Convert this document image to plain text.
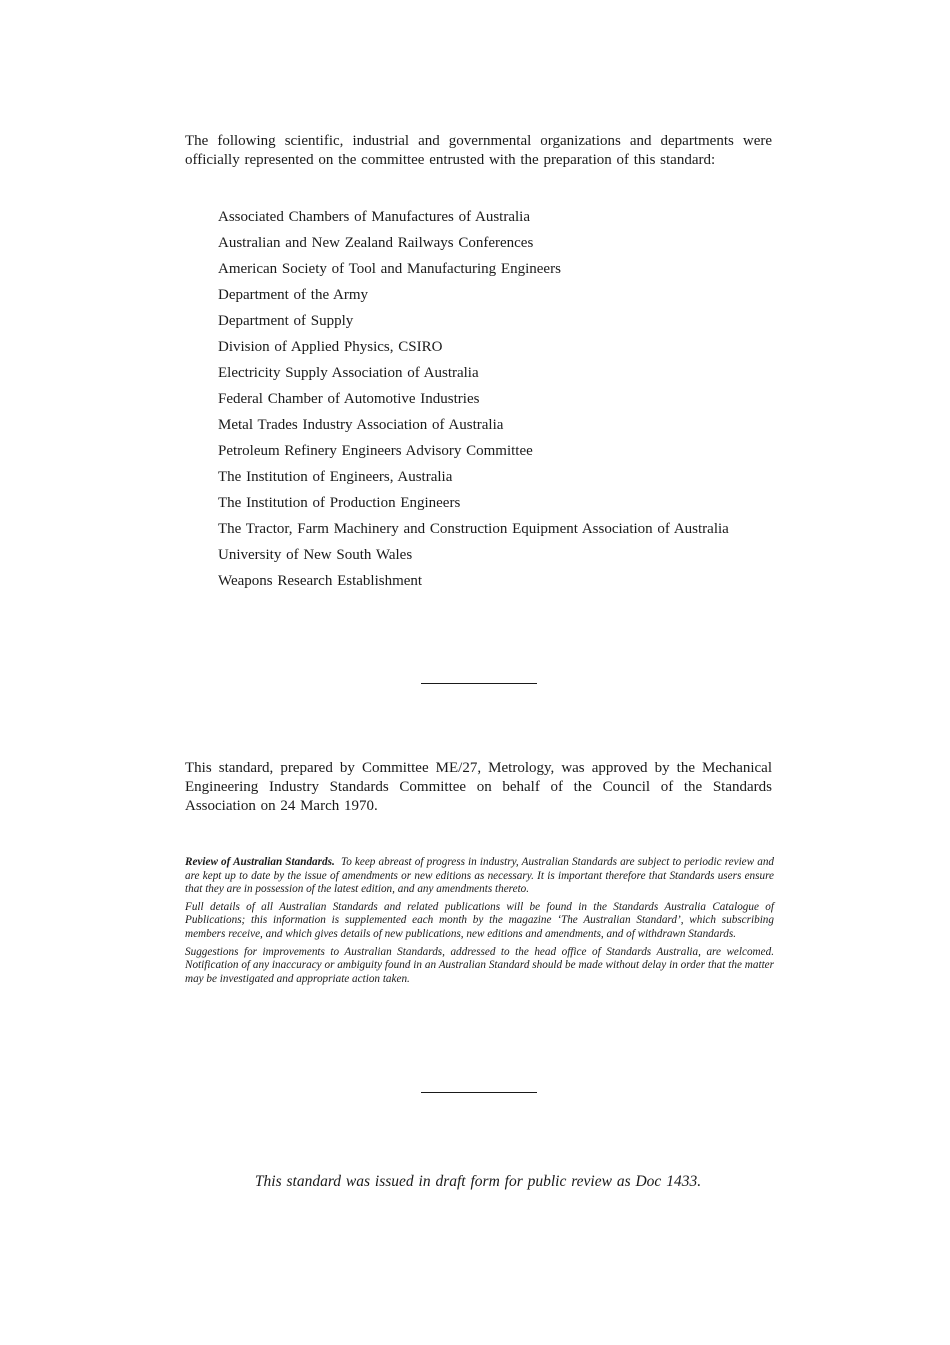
The following scientific, industrial and governmental organizations and departments were officially represented on the committee entrusted with the preparation of this standard:

Associated Chambers of Manufactures of Australia
Australian and New Zealand Railways Conferences
American Society of Tool and Manufacturing Engineers
Department of the Army
Department of Supply
Division of Applied Physics, CSIRO
Electricity Supply Association of Australia
Federal Chamber of Automotive Industries
Metal Trades Industry Association of Australia
Petroleum Refinery Engineers Advisory Committee
The Institution of Engineers, Australia
The Institution of Production Engineers
The Tractor, Farm Machinery and Construction Equipment Association of Australia
University of New South Wales
Weapons Research Establishment

This standard, prepared by Committee ME/27, Metrology, was approved by the Mechanical Engineering Industry Standards Committee on behalf of the Council of the Standards Association on 24 March 1970.

Review of Australian Standards. To keep abreast of progress in industry, Australian Standards are subject to periodic review and are kept up to date by the issue of amendments or new editions as necessary. It is important therefore that Standards users ensure that they are in possession of the latest edition, and any amendments thereto.

Full details of all Australian Standards and related publications will be found in the Standards Australia Catalogue of Publications; this information is supplemented each month by the magazine ‘The Australian Standard’, which subscribing members receive, and which gives details of new publications, new editions and amendments, and of withdrawn Standards.

Suggestions for improvements to Australian Standards, addressed to the head office of Standards Australia, are welcomed. Notification of any inaccuracy or ambiguity found in an Australian Standard should be made without delay in order that the matter may be investigated and appropriate action taken.

This standard was issued in draft form for public review as Doc 1433.
